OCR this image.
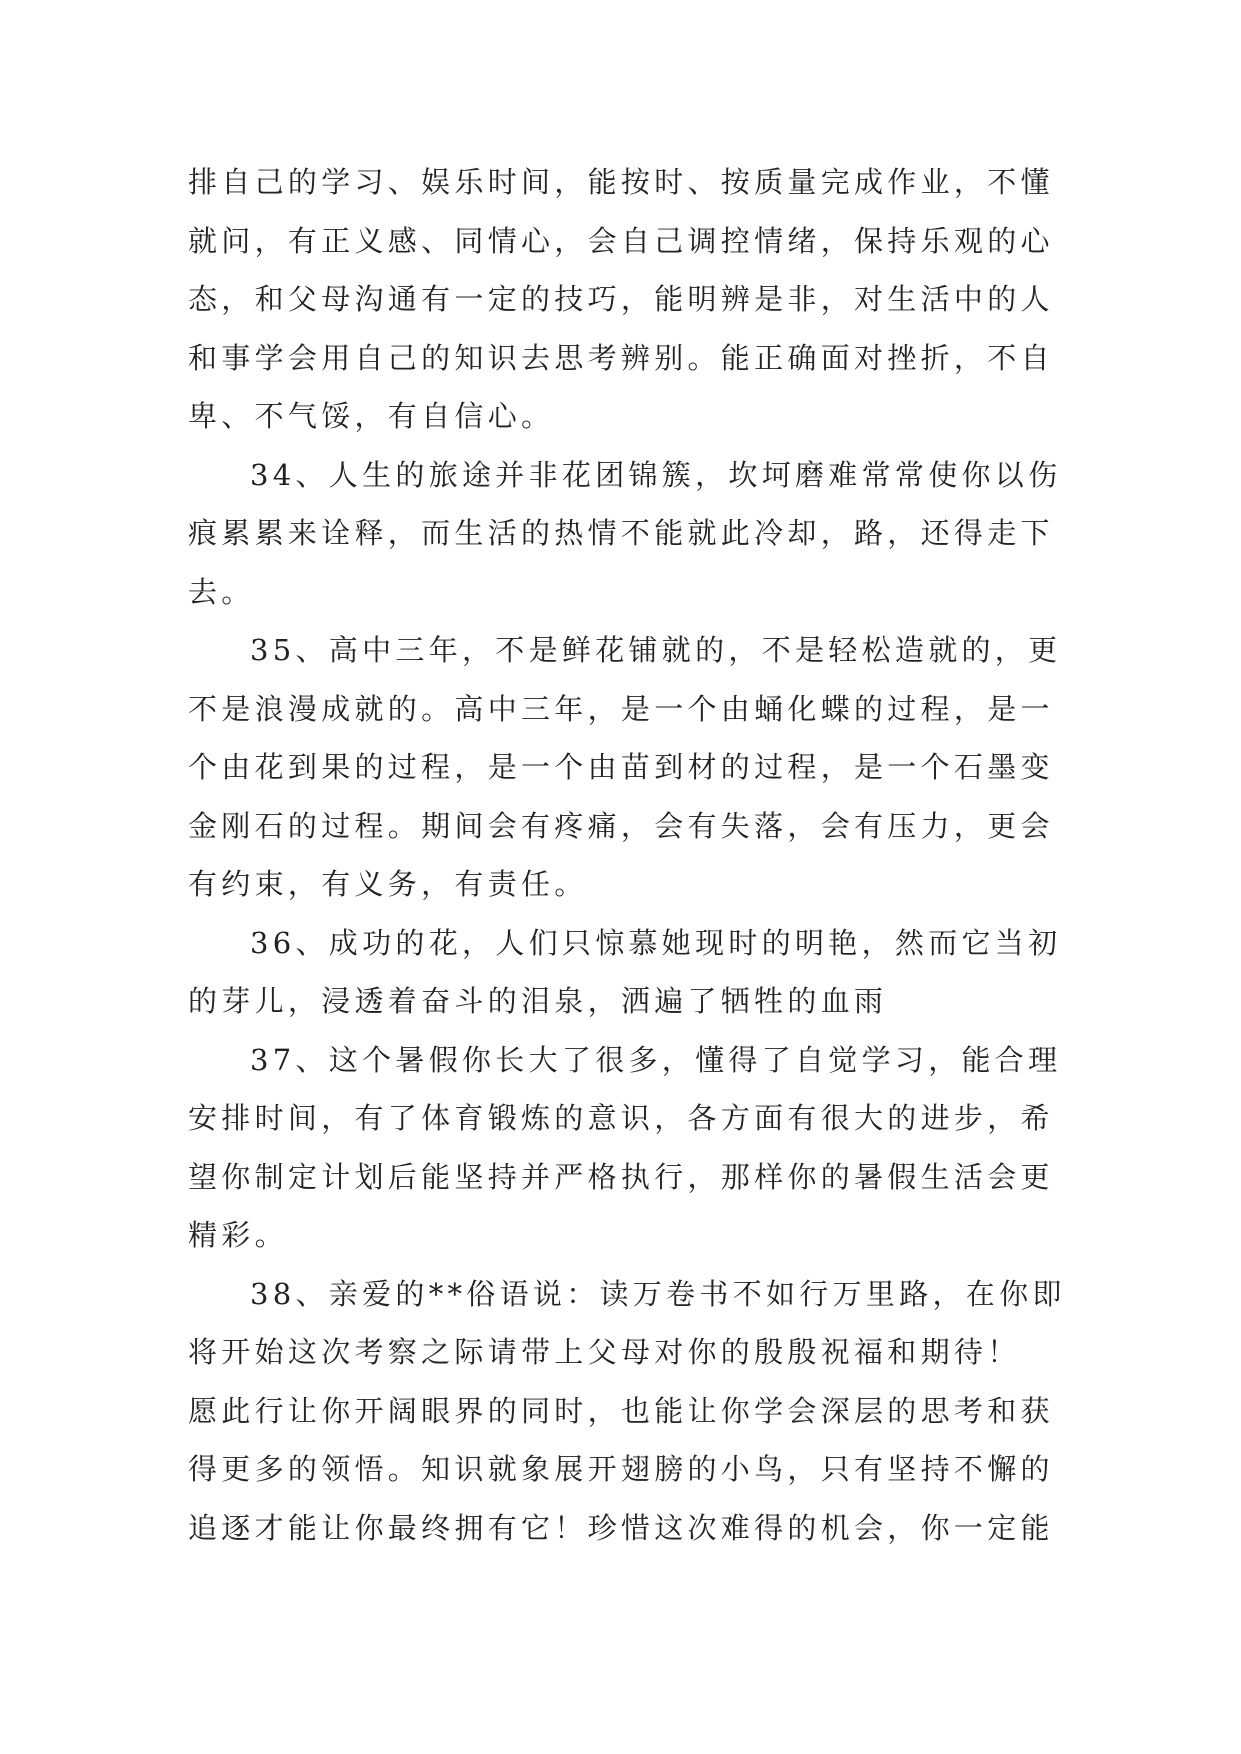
排自己的学习、娱乐时间，能按时、按质量完成作业，不懂
就问，有正义感、同情心，会自己调控情绪，保持乐观的心
态，和父母沟通有一定的技巧，能明辨是非，对生活中的人
和事学会用自己的知识去思考辨别。能正确面对挫折，不自
卑、不气馁，有自信心。
34、人生的旅途并非花团锦簇，坎坷磨难常常使你以伤
痕累累来诠释，而生活的热情不能就此冷却，路，还得走下
去。
35、高中三年，不是鲜花铺就的，不是轻松造就的，更
不是浪漫成就的。高中三年，是一个由蛹化蝶的过程，是一
个由花到果的过程，是一个由苗到材的过程，是一个石墨变
金刚石的过程。期间会有疼痛，会有失落，会有压力，更会
有约束，有义务，有责任。
36、成功的花，人们只惊慕她现时的明艳，然而它当初
的芽儿，浸透着奋斗的泪泉，洒遍了牺牲的血雨
37、这个暑假你长大了很多，懂得了自觉学习，能合理
安排时间，有了体育锻炼的意识，各方面有很大的进步，希
望你制定计划后能坚持并严格执行，那样你的暑假生活会更
精彩。
38、亲爱的**俗语说：读万卷书不如行万里路，在你即
将开始这次考察之际请带上父母对你的殷殷祝福和期待！
愿此行让你开阔眼界的同时，也能让你学会深层的思考和获
得更多的领悟。知识就象展开翅膀的小鸟，只有坚持不懈的
追逐才能让你最终拥有它！珍惜这次难得的机会，你一定能
